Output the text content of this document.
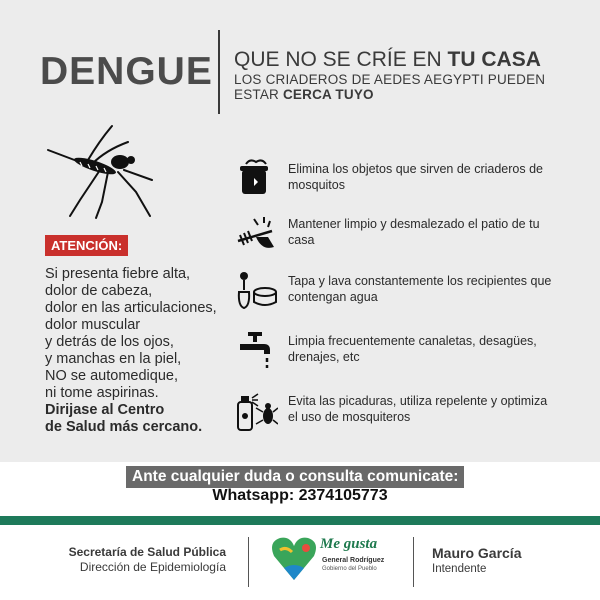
DENGUE QUE NO SE CRÍE EN TU CASA
LOS CRIADEROS DE AEDES AEGYPTI PUEDEN
ESTAR CERCA TUYO
ATENCIÓN:
Si presenta fiebre alta,
dolor de cabeza,
dolor en las articulaciones,
dolor muscular
y detrás de los ojos,
y manchas en la piel,
NO se automedique,
ni tome aspirinas.
Dirijase al Centro
de Salud más cercano.
Elimina los objetos que sirven de criaderos de mosquitos
Mantener limpio y desmalezado el patio de tu casa
Tapa y lava constantemente los recipientes que contengan agua
Limpia frecuentemente canaletas, desagües, drenajes, etc
Evita las picaduras, utiliza repelente y optimiza el uso de mosquiteros
Ante cualquier duda o consulta comunicate:
Whatsapp: 2374105773
Secretaría de Salud Pública
Dirección de Epidemiología
Me gusta
General Rodríguez
Gobierno del Pueblo
Mauro García
Intendente
